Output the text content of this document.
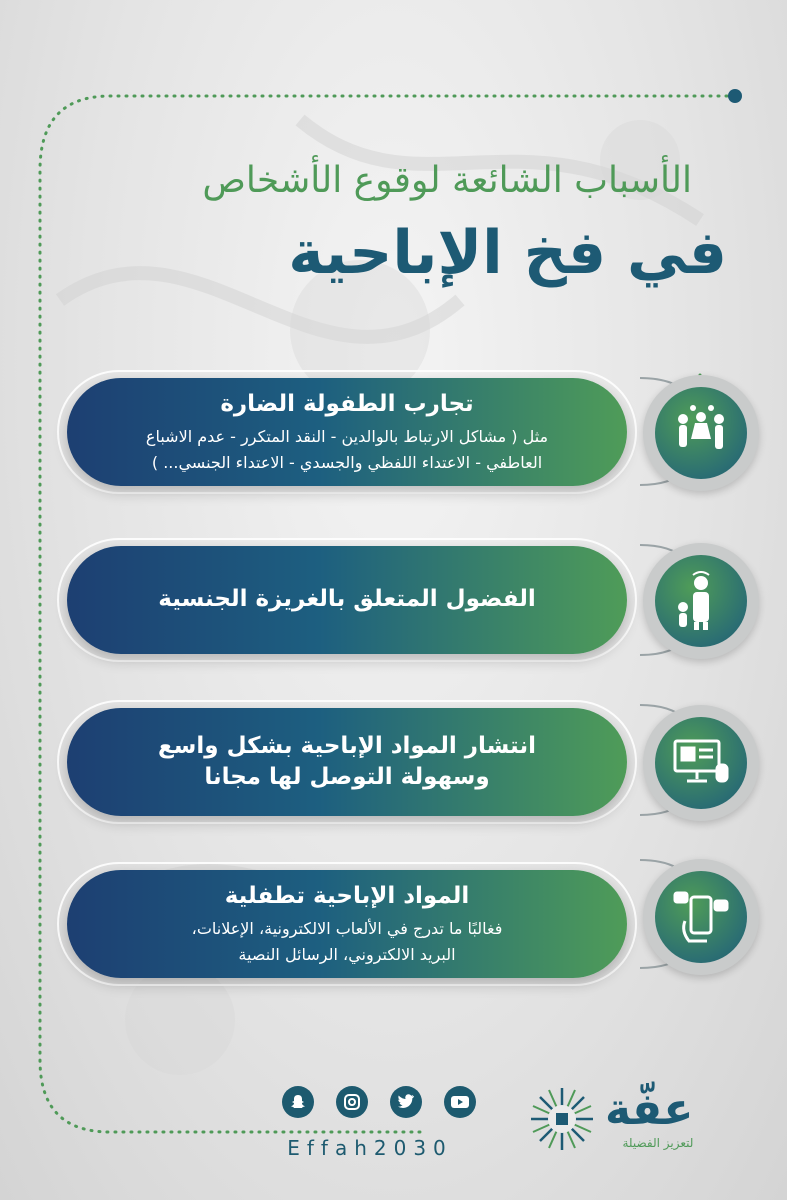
الأسباب الشائعة لوقوع الأشخاص
في فخ الإباحية
تجارب الطفولة الضارة
مثل ( مشاكل الارتباط بالوالدين - النقد المتكرر - عدم الاشباع
العاطفي - الاعتداء اللفظي والجسدي - الاعتداء الجنسي... )
الفضول المتعلق بالغريزة الجنسية
انتشار المواد الإباحية بشكل واسع
وسهولة التوصل لها مجانا
المواد الإباحية تطفلية
فغالبًا ما تدرج في الألعاب الالكترونية، الإعلانات،
البريد الالكتروني، الرسائل النصية
Effah2030
عفّة
لتعزيز الفضيلة
